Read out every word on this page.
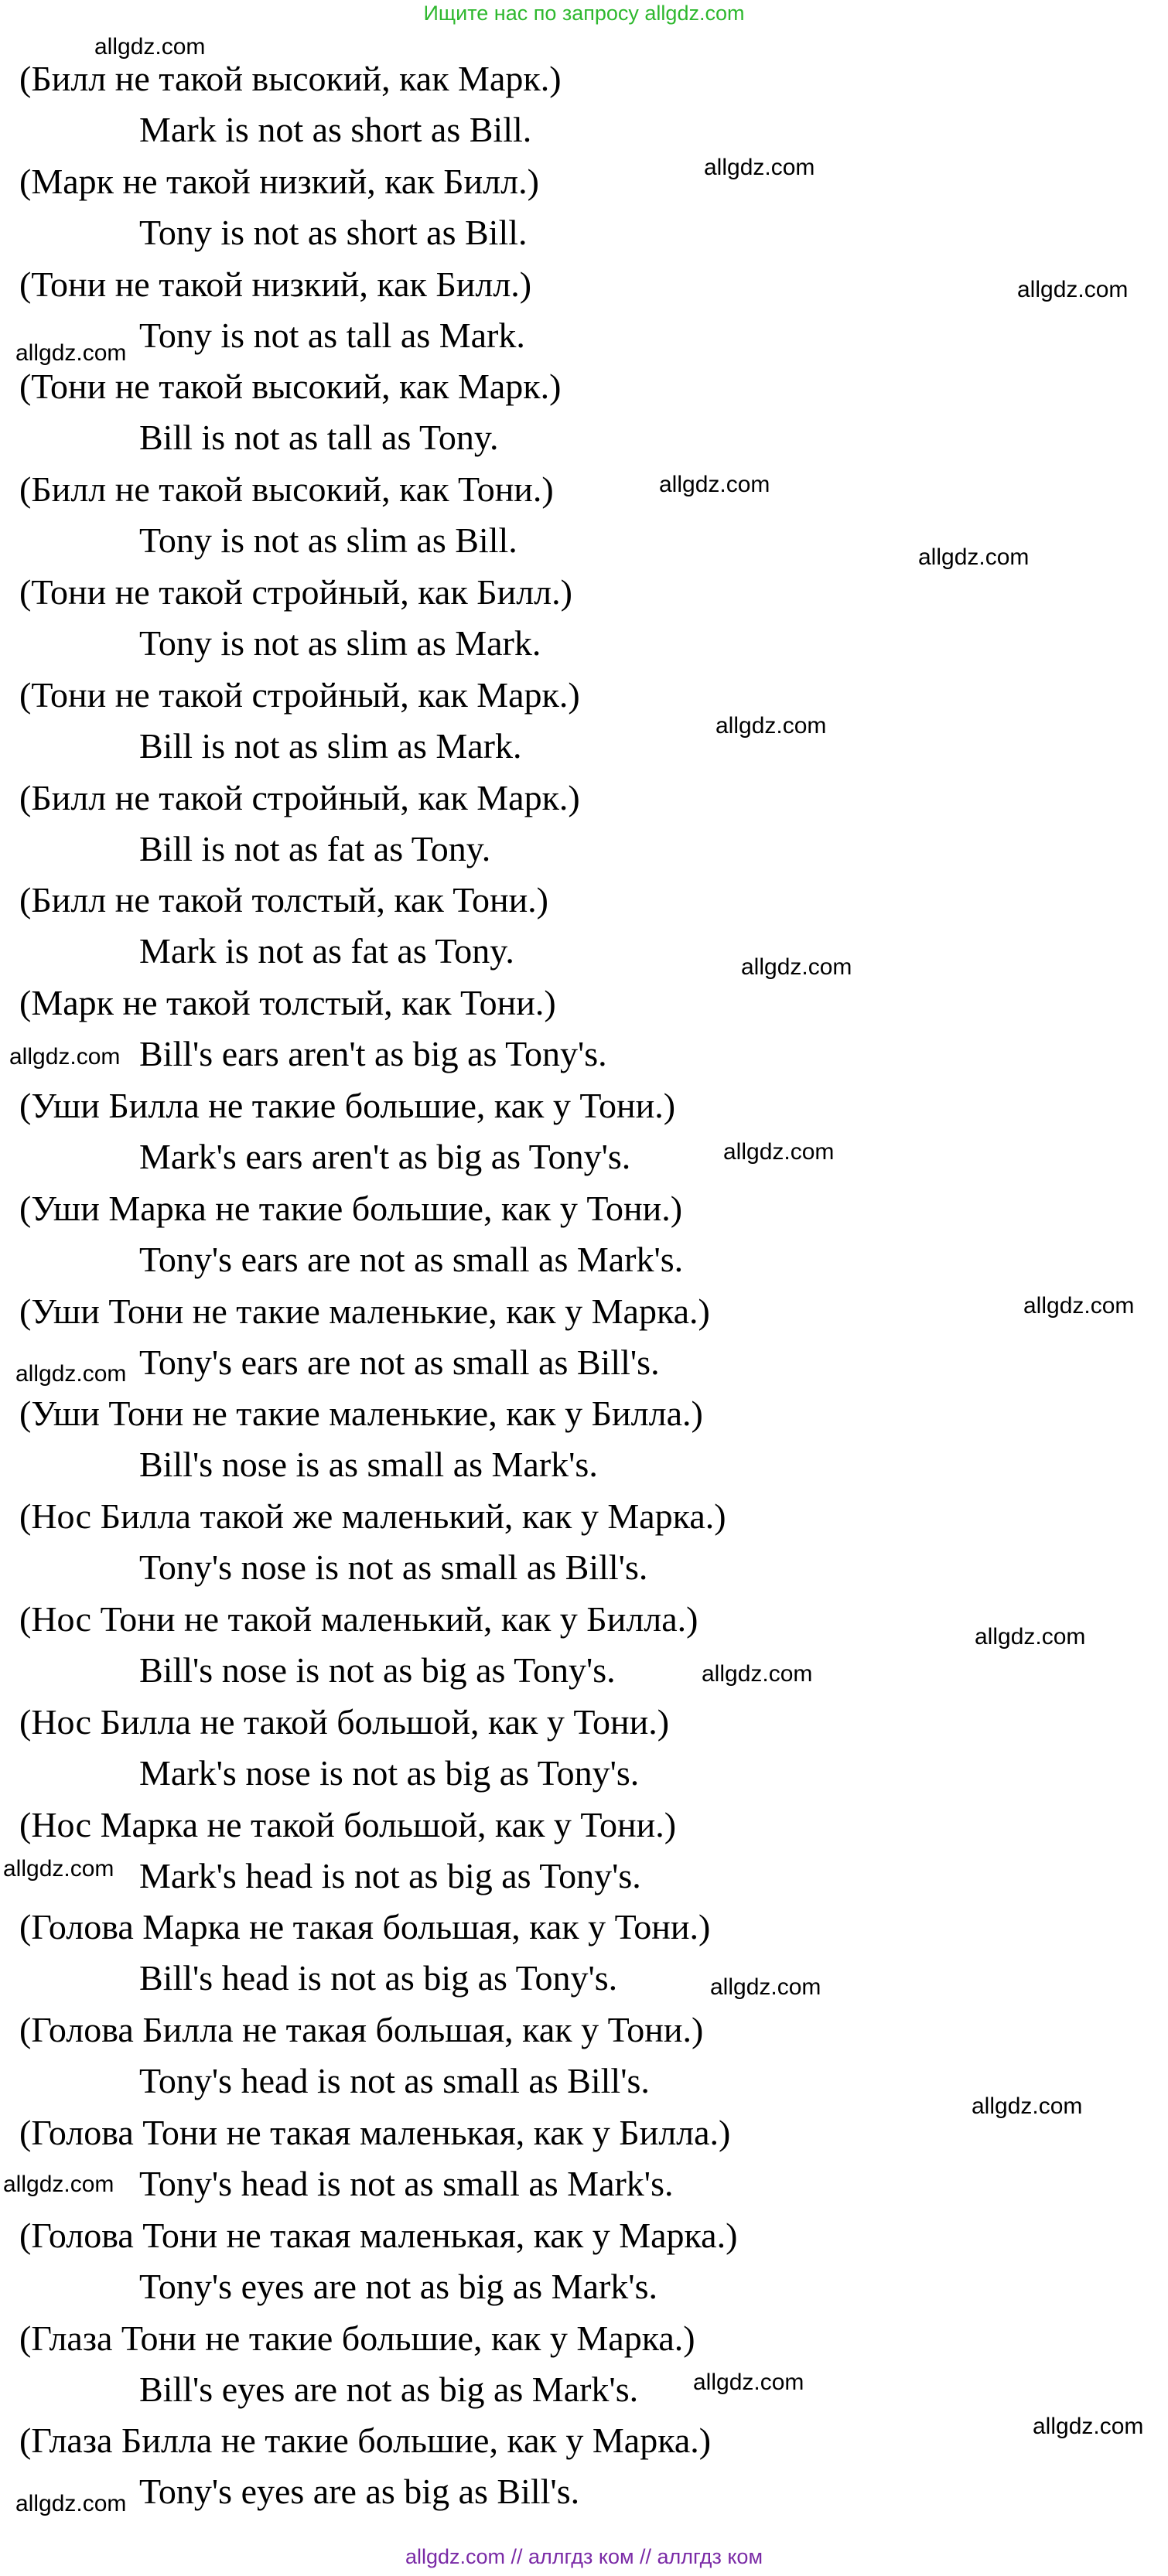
Ищите нас по запросу allgdz.com
(Билл не такой высокий, как Марк.)
Mark is not as short as Bill.
(Марк не такой низкий, как Билл.)
Tony is not as short as Bill.
(Тони не такой низкий, как Билл.)
Tony is not as tall as Mark.
(Тони не такой высокий, как Марк.)
Bill is not as tall as Tony.
(Билл не такой высокий, как Тони.)
Tony is not as slim as Bill.
(Тони не такой стройный, как Билл.)
Tony is not as slim as Mark.
(Тони не такой стройный, как Марк.)
Bill is not as slim as Mark.
(Билл не такой стройный, как Марк.)
Bill is not as fat as Tony.
(Билл не такой толстый, как Тони.)
Mark is not as fat as Tony.
(Марк не такой толстый, как Тони.)
Bill's ears aren't as big as Tony's.
(Уши Билла не такие большие, как у Тони.)
Mark's ears aren't as big as Tony's.
(Уши Марка не такие большие, как у Тони.)
Tony's ears are not as small as Mark's.
(Уши Тони не такие маленькие, как у Марка.)
Tony's ears are not as small as Bill's.
(Уши Тони не такие маленькие, как у Билла.)
Bill's nose is as small as Mark's.
(Нос Билла такой же маленький, как у Марка.)
Tony's nose is not as small as Bill's.
(Нос Тони не такой маленький, как у Билла.)
Bill's nose is not as big as Tony's.
(Нос Билла не такой большой, как у Тони.)
Mark's nose is not as big as Tony's.
(Нос Марка не такой большой, как у Тони.)
Mark's head is not as big as Tony's.
(Голова Марка не такая большая, как у Тони.)
Bill's head is not as big as Tony's.
(Голова Билла не такая большая, как у Тони.)
Tony's head is not as small as Bill's.
(Голова Тони не такая маленькая, как у Билла.)
Tony's head is not as small as Mark's.
(Голова Тони не такая маленькая, как у Марка.)
Tony's eyes are not as big as Mark's.
(Глаза Тони не такие большие, как у Марка.)
Bill's eyes are not as big as Mark's.
(Глаза Билла не такие большие, как у Марка.)
Tony's eyes are as big as Bill's.
allgdz.com
allgdz.com
allgdz.com
allgdz.com
allgdz.com
allgdz.com
allgdz.com
allgdz.com
allgdz.com
allgdz.com
allgdz.com
allgdz.com
allgdz.com
allgdz.com
allgdz.com
allgdz.com
allgdz.com
allgdz.com
allgdz.com
allgdz.com
allgdz.com
allgdz.com // аллгдз ком // аллгдз ком
